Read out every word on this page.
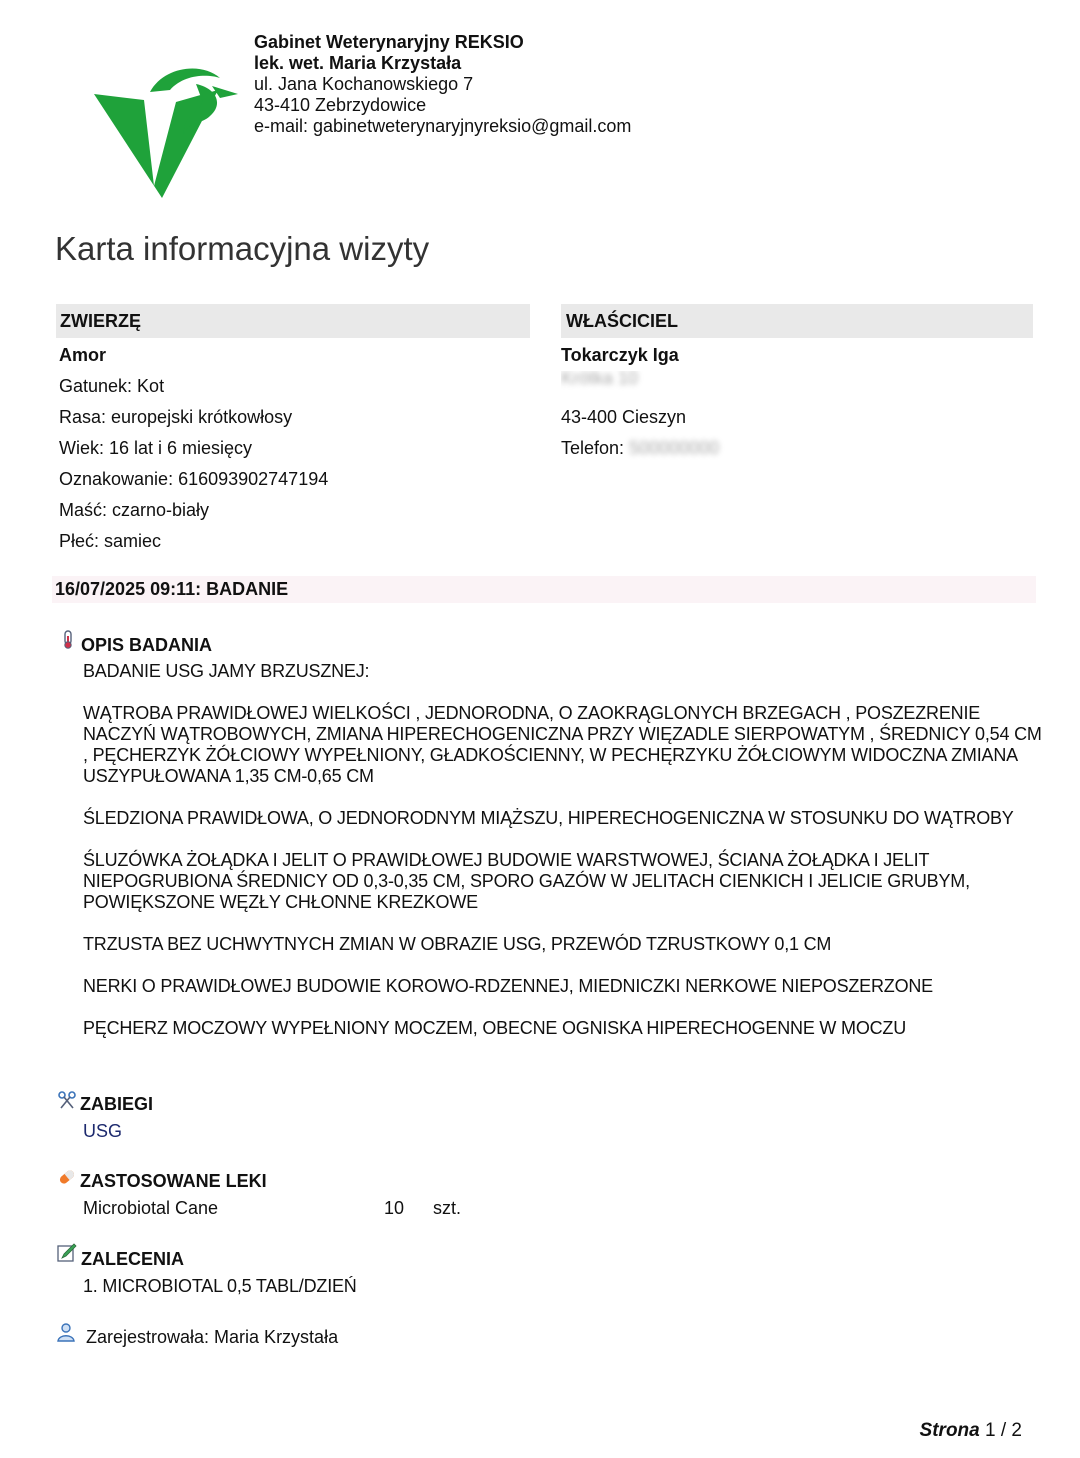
Gabinet Weterynaryjny REKSIO
lek. wet. Maria Krzystała
ul. Jana Kochanowskiego 7
43-410 Zebrzydowice
e-mail: gabinetweterynaryjnyreksio@gmail.com
Karta informacyjna wizyty
ZWIERZĘ
Amor
Gatunek: Kot
Rasa: europejski krótkowłosy
Wiek: 16 lat i 6 miesięcy
Oznakowanie: 616093902747194
Maść: czarno-biały
Płeć: samiec
WŁAŚCICIEL
Tokarczyk Iga
Krótka 10
43-400 Cieszyn
Telefon: 500000000
16/07/2025 09:11: BADANIE
OPIS BADANIA

BADANIE USG JAMY BRZUSZNEJ:

WĄTROBA PRAWIDŁOWEJ WIELKOŚCI , JEDNORODNA, O ZAOKRĄGLONYCH BRZEGACH , POSZEZRENIE NACZYŃ WĄTROBOWYCH, ZMIANA HIPERECHOGENICZNA PRZY WIĘZADLE SIERPOWATYM , ŚREDNICY 0,54 CM , PĘCHERZYK ŻÓŁCIOWY WYPEŁNIONY, GŁADKOŚCIENNY, W PECHĘRZYKU ŻÓŁCIOWYM WIDOCZNA ZMIANA USZYPUŁOWANA 1,35 CM-0,65 CM

ŚLEDZIONA PRAWIDŁOWA, O JEDNORODNYM MIĄŻSZU, HIPERECHOGENICZNA W STOSUNKU DO WĄTROBY

ŚLUZÓWKA ŻOŁĄDKA I JELIT O PRAWIDŁOWEJ BUDOWIE WARSTWOWEJ, ŚCIANA ŻOŁĄDKA I JELIT NIEPOGRUBIONA ŚREDNICY OD 0,3-0,35 CM, SPORO GAZÓW W JELITACH CIENKICH I JELICIE GRUBYM, POWIĘKSZONE WĘZŁY CHŁONNE KREZKOWE

TRZUSTA BEZ UCHWYTNYCH ZMIAN W OBRAZIE USG, PRZEWÓD TZRUSTKOWY 0,1 CM

NERKI O PRAWIDŁOWEJ BUDOWIE KOROWO-RDZENNEJ, MIEDNICZKI NERKOWE NIEPOSZERZONE

PĘCHERZ MOCZOWY WYPEŁNIONY MOCZEM, OBECNE OGNISKA HIPERECHOGENNE W MOCZU

ZABIEGI
USG
ZASTOSOWANE LEKI
Microbiotal Cane	10 szt.
ZALECENIA
1. MICROBIOTAL 0,5 TABL/DZIEŃ
Zarejestrowała: Maria Krzystała
Strona 1 / 2
